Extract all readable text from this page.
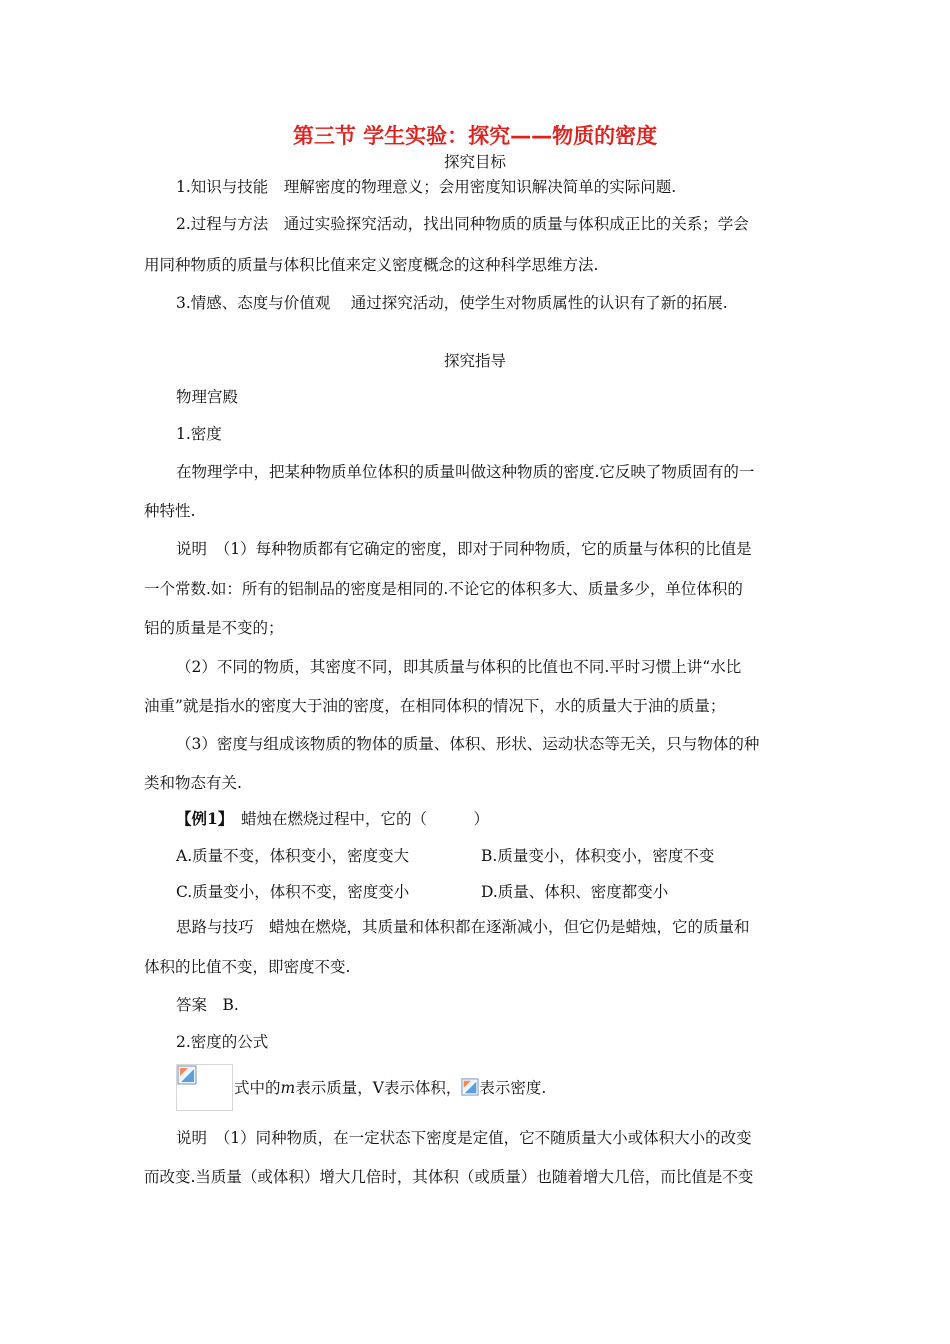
第三节 学生实验：探究——物质的密度
探究目标
1.知识与技能　理解密度的物理意义；会用密度知识解决简单的实际问题.
2.过程与方法　通过实验探究活动，找出同种物质的质量与体积成正比的关系；学会
用同种物质的质量与体积比值来定义密度概念的这种科学思维方法.
3.情感、态度与价值观　 通过探究活动，使学生对物质属性的认识有了新的拓展.
探究指导
物理宫殿
1.密度
在物理学中，把某种物质单位体积的质量叫做这种物质的密度.它反映了物质固有的一
种特性.
说明　（1）每种物质都有它确定的密度，即对于同种物质，它的质量与体积的比值是
一个常数.如：所有的铝制品的密度是相同的.不论它的体积多大、质量多少，单位体积的
铝的质量是不变的；
（2）不同的物质，其密度不同，即其质量与体积的比值也不同.平时习惯上讲“水比
油重”就是指水的密度大于油的密度，在相同体积的情况下，水的质量大于油的质量；
（3）密度与组成该物质的物体的质量、体积、形状、运动状态等无关，只与物体的种
类和物态有关.
【例1】　蜡烛在燃烧过程中，它的（　　　）
A.质量不变，体积变小，密度变大	B.质量变小，体积变小，密度不变
C.质量变小，体积不变，密度变小	D.质量、体积、密度都变小
思路与技巧　蜡烛在燃烧，其质量和体积都在逐渐减小，但它仍是蜡烛，它的质量和
体积的比值不变，即密度不变.
答案　B.
2.密度的公式
式中的m表示质量，V表示体积， 表示密度.
说明　（1）同种物质，在一定状态下密度是定值，它不随质量大小或体积大小的改变
而改变.当质量（或体积）增大几倍时，其体积（或质量）也随着增大几倍，而比值是不变
